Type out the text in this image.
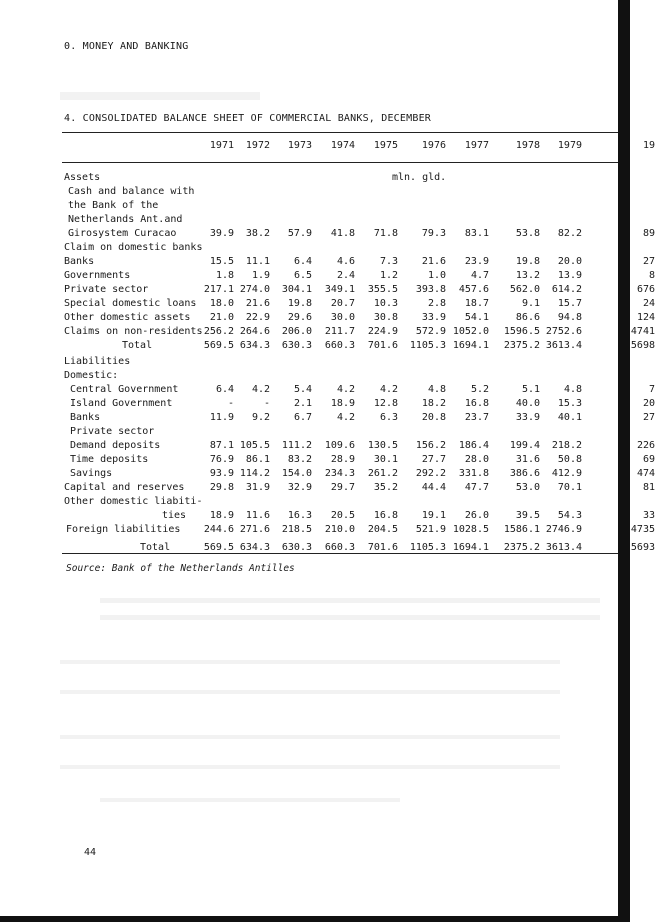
0. MONEY AND BANKING
4. CONSOLIDATED BALANCE SHEET OF COMMERCIAL BANKS, DECEMBER
1971	1972	1973	1974	1975	1976	1977	1978	1979	19
mln. gld.
Assets
Cash and balance with
the Bank of the
Netherlands Ant.and
Girosystem Curacao	39.9	38.2	57.9	41.8	71.8	79.3	83.1	53.8	82.2	89
Claim on domestic banks
Banks	15.5	11.1	6.4	4.6	7.3	21.6	23.9	19.8	20.0	27
Governments	1.8	1.9	6.5	2.4	1.2	1.0	4.7	13.2	13.9	8
Private sector	217.1 274.0	304.1	349.1	355.5	393.8	457.6	562.0	614.2	676
Special domestic loans	18.0	21.6	19.8	20.7	10.3	2.8	18.7	9.1	15.7	24
Other domestic assets	21.0	22.9	29.6	30.0	30.8	33.9	54.1	86.6	94.8	124
Claims on non-residents 256.2 264.6	206.0	211.7	224.9	572.9 1052.0	1596.5 2752.6	4741
Total	569.5 634.3	630.3	660.3	701.6	1105.3 1694.1	2375.2 3613.4	5698
Liabilities
Domestic:
Central Government	6.4	4.2	5.4	4.2	4.2	4.8	5.2	5.1	4.8	7
Island Government	-	-	2.1	18.9	12.8	18.2	16.8	40.0	15.3	20
Banks	11.9	9.2	6.7	4.2	6.3	20.8	23.7	33.9	40.1	27
Private sector
Demand deposits	87.1 105.5	111.2	109.6	130.5	156.2	186.4	199.4	218.2	226
Time deposits	76.9	86.1	83.2	28.9	30.1	27.7	28.0	31.6	50.8	69
Savings	93.9 114.2	154.0	234.3	261.2	292.2	331.8	386.6	412.9	474
Capital and reserves	29.8	31.9	32.9	29.7	35.2	44.4	47.7	53.0	70.1	81
Other domestic liabiti-
ties	18.9	11.6	16.3	20.5	16.8	19.1	26.0	39.5	54.3	33
Foreign liabilities	244.6 271.6	218.5	210.0	204.5	521.9 1028.5	1586.1 2746.9	4735
Total	569.5 634.3	630.3	660.3	701.6	1105.3 1694.1	2375.2 3613.4	5693
Source: Bank of the Netherlands Antilles
44
